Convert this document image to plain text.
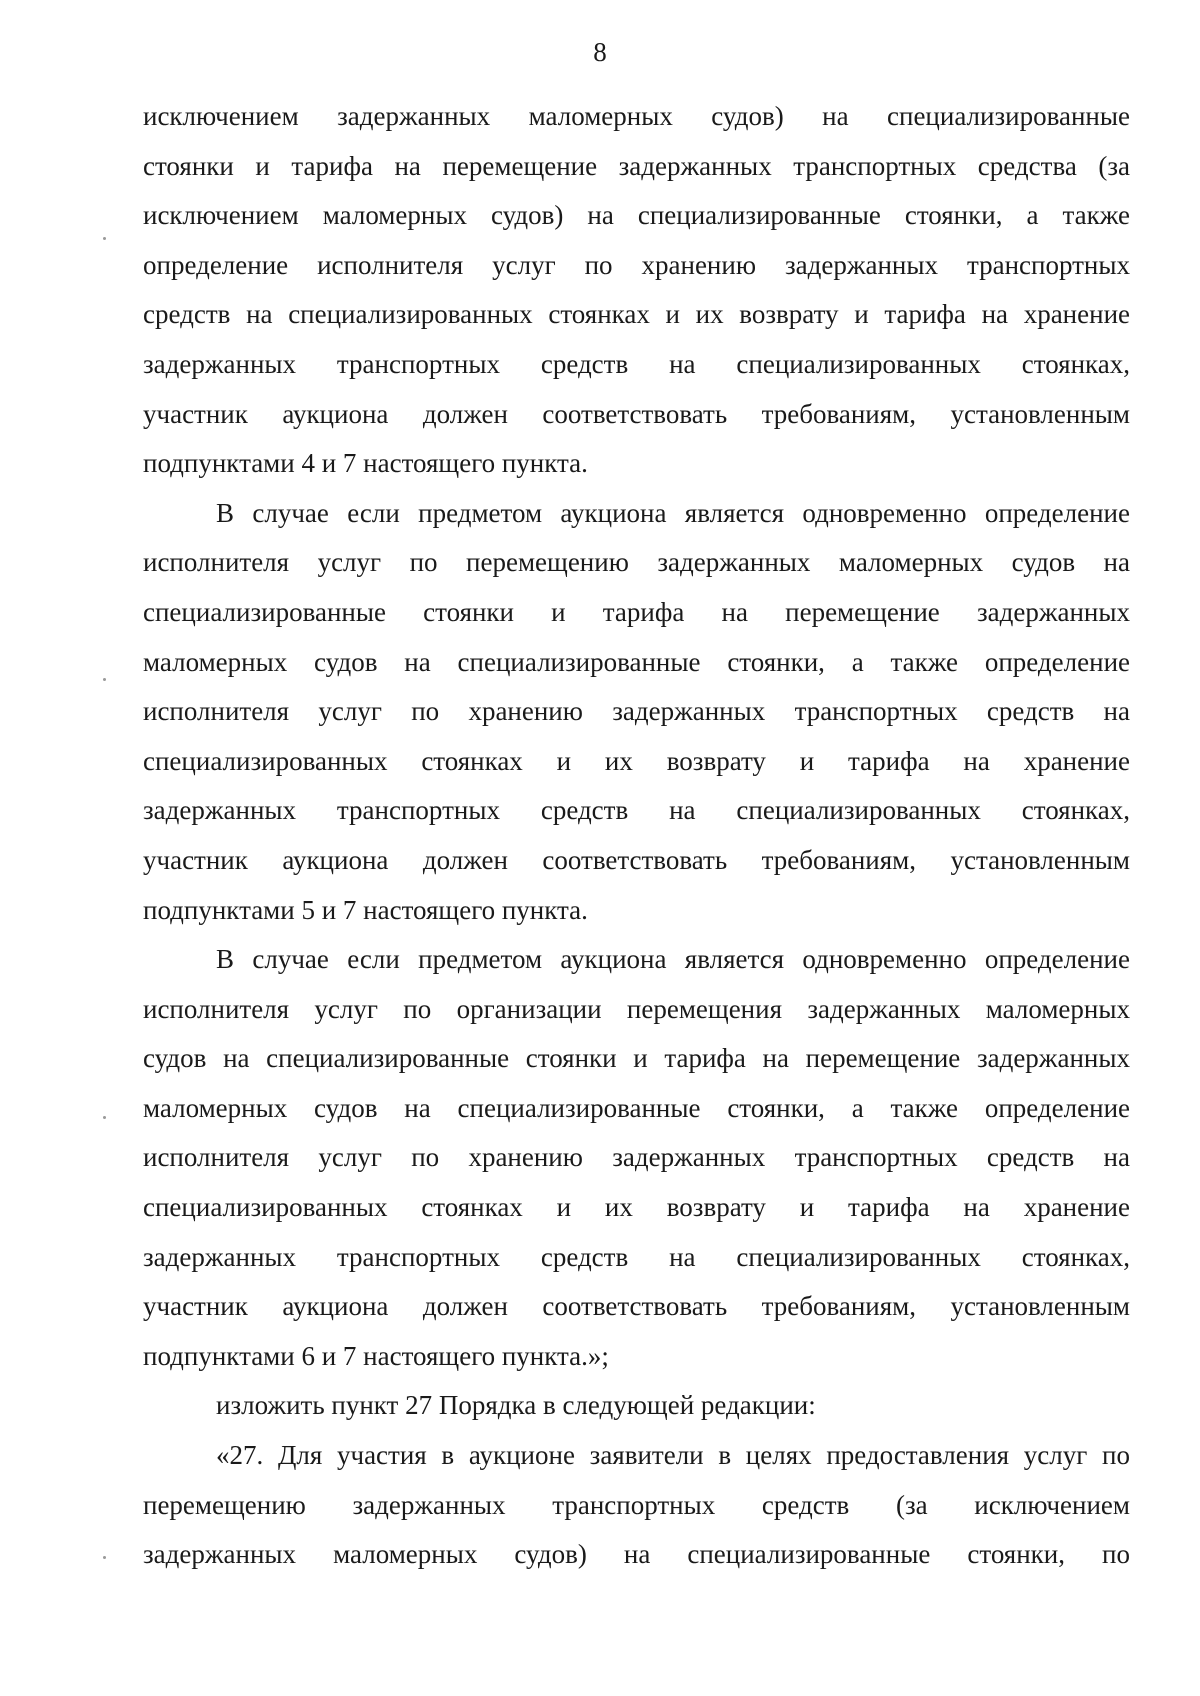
8
исключением задержанных маломерных судов) на специализированные
стоянки и тарифа на перемещение задержанных транспортных средства (за
исключением маломерных судов) на специализированные стоянки, а также
определение исполнителя услуг по хранению задержанных транспортных
средств на специализированных стоянках и их возврату и тарифа на хранение
задержанных транспортных средств на специализированных стоянках,
участник аукциона должен соответствовать требованиям, установленным
подпунктами 4 и 7 настоящего пункта.
В случае если предметом аукциона является одновременно определение
исполнителя услуг по перемещению задержанных маломерных судов на
специализированные стоянки и тарифа на перемещение задержанных
маломерных судов на специализированные стоянки, а также определение
исполнителя услуг по хранению задержанных транспортных средств на
специализированных стоянках и их возврату и тарифа на хранение
задержанных транспортных средств на специализированных стоянках,
участник аукциона должен соответствовать требованиям, установленным
подпунктами 5 и 7 настоящего пункта.
В случае если предметом аукциона является одновременно определение
исполнителя услуг по организации перемещения задержанных маломерных
судов на специализированные стоянки и тарифа на перемещение задержанных
маломерных судов на специализированные стоянки, а также определение
исполнителя услуг по хранению задержанных транспортных средств на
специализированных стоянках и их возврату и тарифа на хранение
задержанных транспортных средств на специализированных стоянках,
участник аукциона должен соответствовать требованиям, установленным
подпунктами 6 и 7 настоящего пункта.»;
изложить пункт 27 Порядка в следующей редакции:
«27. Для участия в аукционе заявители в целях предоставления услуг по
перемещению задержанных транспортных средств (за исключением
задержанных маломерных судов) на специализированные стоянки, по
